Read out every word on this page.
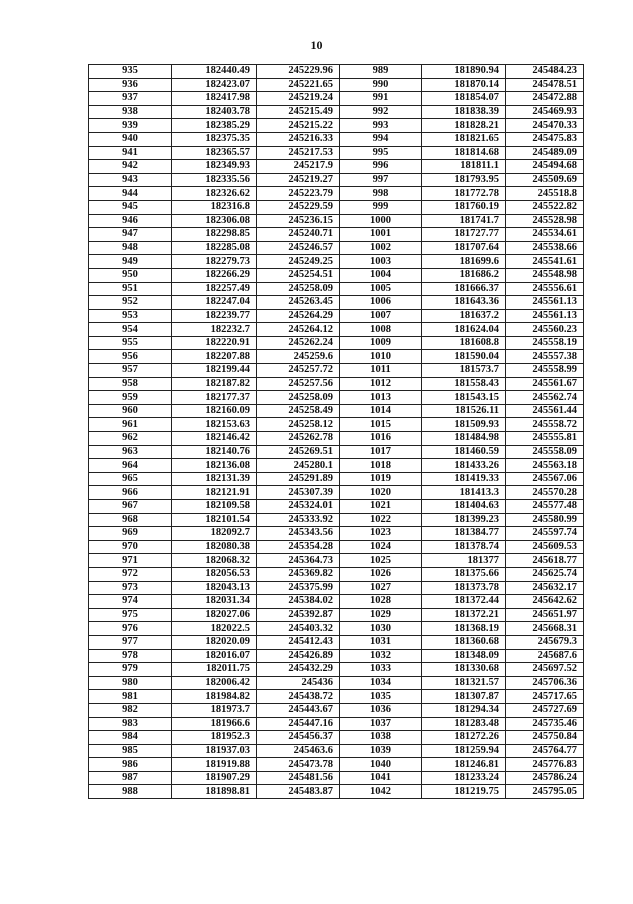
10
935	182440.49	245229.96	989	181890.94	245484.23
936	182423.07	245221.65	990	181870.14	245478.51
937	182417.98	245219.24	991	181854.07	245472.88
938	182403.78	245215.49	992	181838.39	245469.93
939	182385.29	245215.22	993	181828.21	245470.33
940	182375.35	245216.33	994	181821.65	245475.83
941	182365.57	245217.53	995	181814.68	245489.09
942	182349.93	245217.9	996	181811.1	245494.68
943	182335.56	245219.27	997	181793.95	245509.69
944	182326.62	245223.79	998	181772.78	245518.8
945	182316.8	245229.59	999	181760.19	245522.82
946	182306.08	245236.15	1000	181741.7	245528.98
947	182298.85	245240.71	1001	181727.77	245534.61
948	182285.08	245246.57	1002	181707.64	245538.66
949	182279.73	245249.25	1003	181699.6	245541.61
950	182266.29	245254.51	1004	181686.2	245548.98
951	182257.49	245258.09	1005	181666.37	245556.61
952	182247.04	245263.45	1006	181643.36	245561.13
953	182239.77	245264.29	1007	181637.2	245561.13
954	182232.7	245264.12	1008	181624.04	245560.23
955	182220.91	245262.24	1009	181608.8	245558.19
956	182207.88	245259.6	1010	181590.04	245557.38
957	182199.44	245257.72	1011	181573.7	245558.99
958	182187.82	245257.56	1012	181558.43	245561.67
959	182177.37	245258.09	1013	181543.15	245562.74
960	182160.09	245258.49	1014	181526.11	245561.44
961	182153.63	245258.12	1015	181509.93	245558.72
962	182146.42	245262.78	1016	181484.98	245555.81
963	182140.76	245269.51	1017	181460.59	245558.09
964	182136.08	245280.1	1018	181433.26	245563.18
965	182131.39	245291.89	1019	181419.33	245567.06
966	182121.91	245307.39	1020	181413.3	245570.28
967	182109.58	245324.01	1021	181404.63	245577.48
968	182101.54	245333.92	1022	181399.23	245580.99
969	182092.7	245343.56	1023	181384.77	245597.74
970	182080.38	245354.28	1024	181378.74	245609.53
971	182068.32	245364.73	1025	181377	245618.77
972	182056.53	245369.82	1026	181375.66	245625.74
973	182043.13	245375.99	1027	181373.78	245632.17
974	182031.34	245384.02	1028	181372.44	245642.62
975	182027.06	245392.87	1029	181372.21	245651.97
976	182022.5	245403.32	1030	181368.19	245668.31
977	182020.09	245412.43	1031	181360.68	245679.3
978	182016.07	245426.89	1032	181348.09	245687.6
979	182011.75	245432.29	1033	181330.68	245697.52
980	182006.42	245436	1034	181321.57	245706.36
981	181984.82	245438.72	1035	181307.87	245717.65
982	181973.7	245443.67	1036	181294.34	245727.69
983	181966.6	245447.16	1037	181283.48	245735.46
984	181952.3	245456.37	1038	181272.26	245750.84
985	181937.03	245463.6	1039	181259.94	245764.77
986	181919.88	245473.78	1040	181246.81	245776.83
987	181907.29	245481.56	1041	181233.24	245786.24
988	181898.81	245483.87	1042	181219.75	245795.05
